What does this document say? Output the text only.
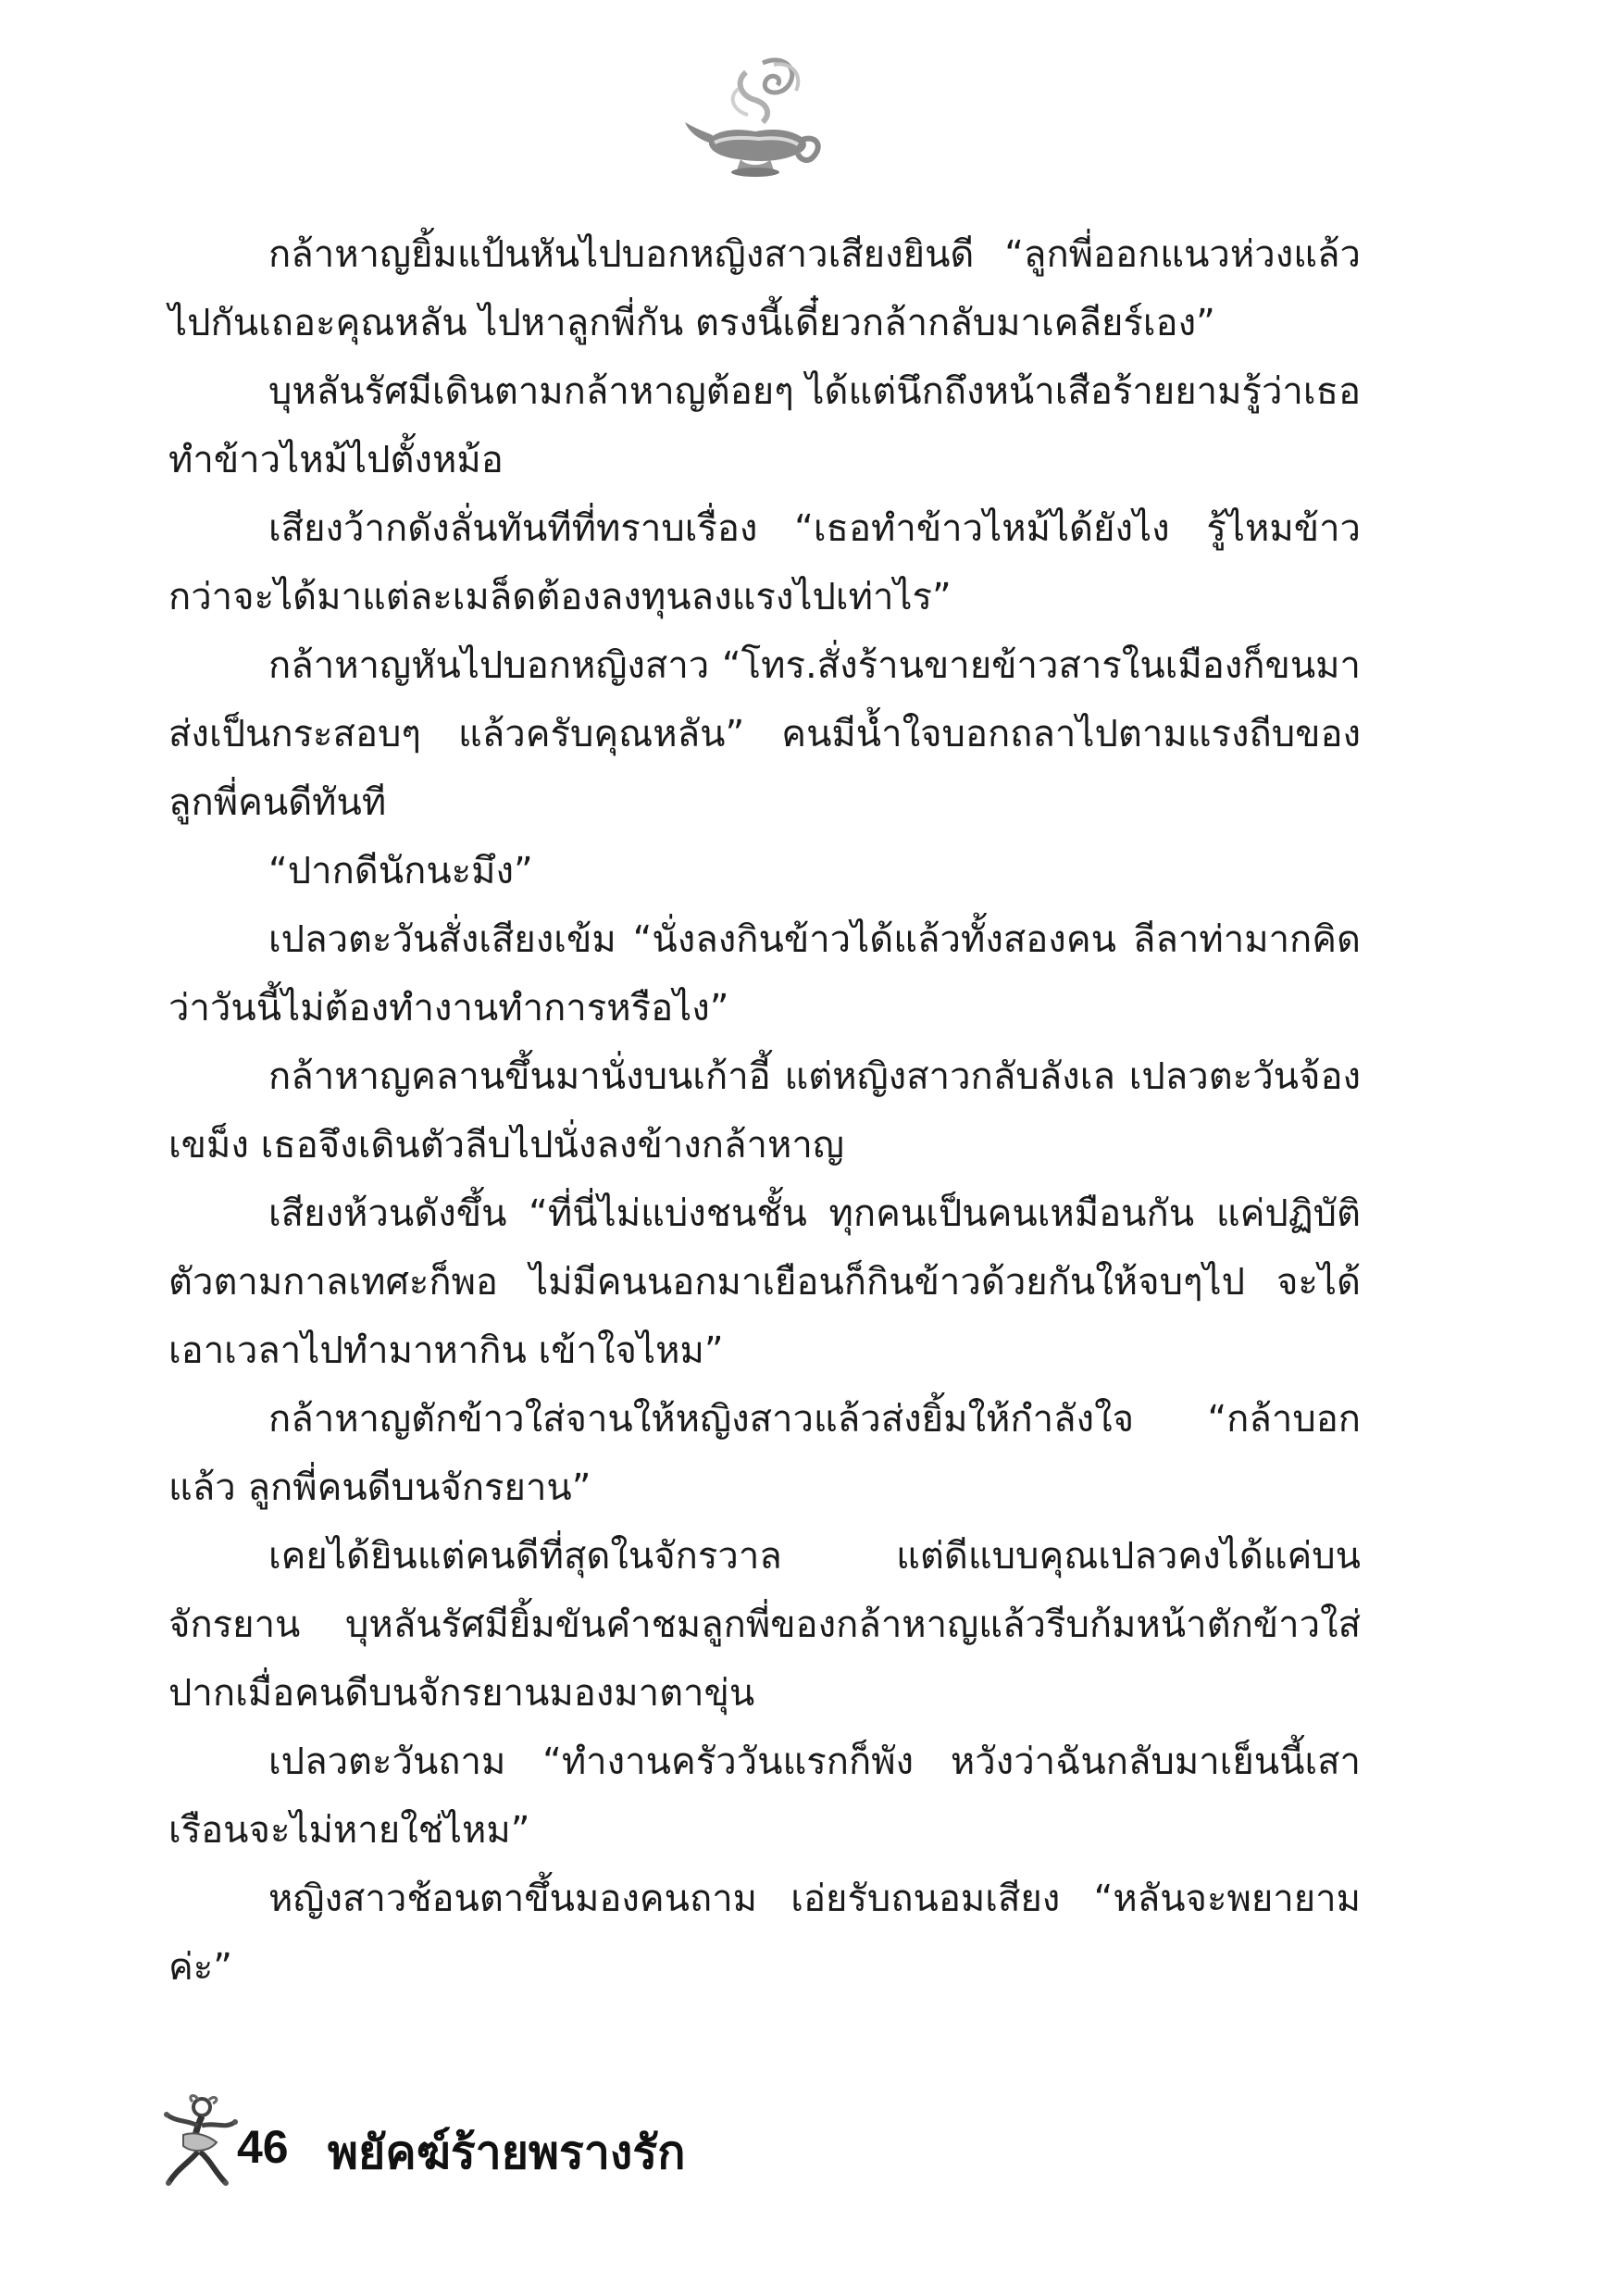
กล้าหาญยิ้มแป้นหันไปบอกหญิงสาวเสียงยินดี “ลูกพี่ออกแนวห่วงแล้ว ไปกันเถอะคุณหลัน ไปหาลูกพี่กัน ตรงนี้เดี๋ยวกล้ากลับมาเคลียร์เอง”

บุหลันรัศมีเดินตามกล้าหาญต้อยๆ ได้แต่นึกถึงหน้าเสือร้ายยามรู้ว่าเธอทำข้าวไหม้ไปตั้งหม้อ

เสียงว้ากดังลั่นทันทีที่ทราบเรื่อง “เธอทำข้าวไหม้ได้ยังไง รู้ไหมข้าวกว่าจะได้มาแต่ละเมล็ดต้องลงทุนลงแรงไปเท่าไร”

กล้าหาญหันไปบอกหญิงสาว “โทร.สั่งร้านขายข้าวสารในเมืองก็ขนมาส่งเป็นกระสอบๆ แล้วครับคุณหลัน” คนมีน้ำใจบอกถลาไปตามแรงถีบของลูกพี่คนดีทันที

“ปากดีนักนะมึง”

เปลวตะวันสั่งเสียงเข้ม “นั่งลงกินข้าวได้แล้วทั้งสองคน ลีลาท่ามากคิดว่าวันนี้ไม่ต้องทำงานทำการหรือไง”

กล้าหาญคลานขึ้นมานั่งบนเก้าอี้ แต่หญิงสาวกลับลังเล เปลวตะวันจ้องเขม็ง เธอจึงเดินตัวลีบไปนั่งลงข้างกล้าหาญ

เสียงห้วนดังขึ้น “ที่นี่ไม่แบ่งชนชั้น ทุกคนเป็นคนเหมือนกัน แค่ปฏิบัติตัวตามกาลเทศะก็พอ ไม่มีคนนอกมาเยือนก็กินข้าวด้วยกันให้จบๆไป จะได้เอาเวลาไปทำมาหากิน เข้าใจไหม”

กล้าหาญตักข้าวใส่จานให้หญิงสาวแล้วส่งยิ้มให้กำลังใจ “กล้าบอกแล้ว ลูกพี่คนดีบนจักรยาน”

เคยได้ยินแต่คนดีที่สุดในจักรวาล แต่ดีแบบคุณเปลวคงได้แค่บนจักรยาน บุหลันรัศมียิ้มขันคำชมลูกพี่ของกล้าหาญแล้วรีบก้มหน้าตักข้าวใส่ปากเมื่อคนดีบนจักรยานมองมาตาขุ่น

เปลวตะวันถาม “ทำงานครัววันแรกก็พัง หวังว่าฉันกลับมาเย็นนี้เสาเรือนจะไม่หายใช่ไหม”

หญิงสาวช้อนตาขึ้นมองคนถาม เอ่ยรับถนอมเสียง “หลันจะพยายามค่ะ”

46 พยัคฆ์ร้ายพรางรัก
